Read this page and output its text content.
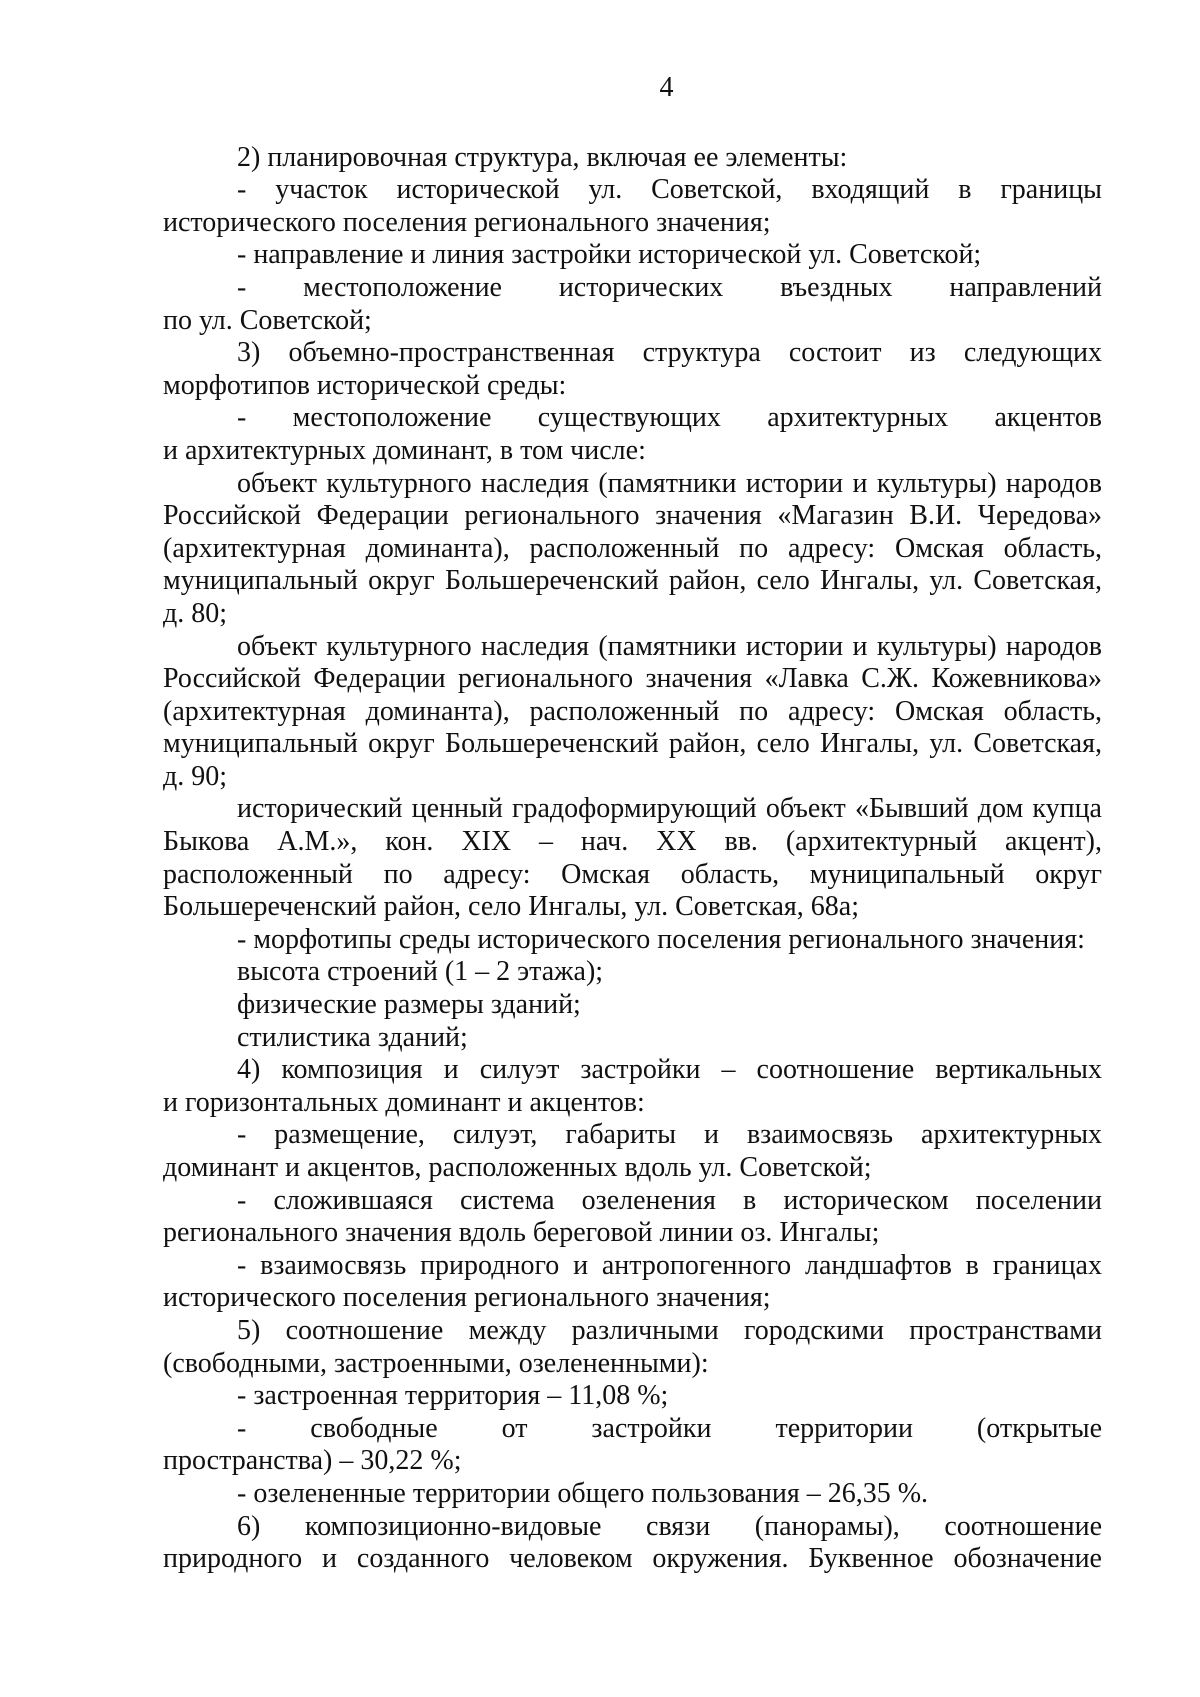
4
2) планировочная структура, включая ее элементы:
- участок исторической ул. Советской, входящий в границы
исторического поселения регионального значения;
- направление и линия застройки исторической ул. Советской;
- местоположение исторических въездных направлений
по ул. Советской;
3) объемно-пространственная структура состоит из следующих
морфотипов исторической среды:
- местоположение существующих архитектурных акцентов
и архитектурных доминант, в том числе:
объект культурного наследия (памятники истории и культуры) народов
Российской Федерации регионального значения «Магазин В.И. Чередова»
(архитектурная доминанта), расположенный по адресу: Омская область,
муниципальный округ Большереченский район, село Ингалы, ул. Советская,
д. 80;
объект культурного наследия (памятники истории и культуры) народов
Российской Федерации регионального значения «Лавка С.Ж. Кожевникова»
(архитектурная доминанта), расположенный по адресу: Омская область,
муниципальный округ Большереченский район, село Ингалы, ул. Советская,
д. 90;
исторический ценный градоформирующий объект «Бывший дом купца
Быкова А.М.», кон. XIX – нач. XX вв. (архитектурный акцент),
расположенный по адресу: Омская область, муниципальный округ
Большереченский район, село Ингалы, ул. Советская, 68а;
- морфотипы среды исторического поселения регионального значения:
высота строений (1 – 2 этажа);
физические размеры зданий;
стилистика зданий;
4) композиция и силуэт застройки – соотношение вертикальных
и горизонтальных доминант и акцентов:
- размещение, силуэт, габариты и взаимосвязь архитектурных
доминант и акцентов, расположенных вдоль ул. Советской;
- сложившаяся система озеленения в историческом поселении
регионального значения вдоль береговой линии оз. Ингалы;
- взаимосвязь природного и антропогенного ландшафтов в границах
исторического поселения регионального значения;
5) соотношение между различными городскими пространствами
(свободными, застроенными, озелененными):
- застроенная территория – 11,08 %;
- свободные от застройки территории (открытые
пространства) – 30,22 %;
- озелененные территории общего пользования – 26,35 %.
6) композиционно-видовые связи (панорамы), соотношение
природного и созданного человеком окружения. Буквенное обозначение
